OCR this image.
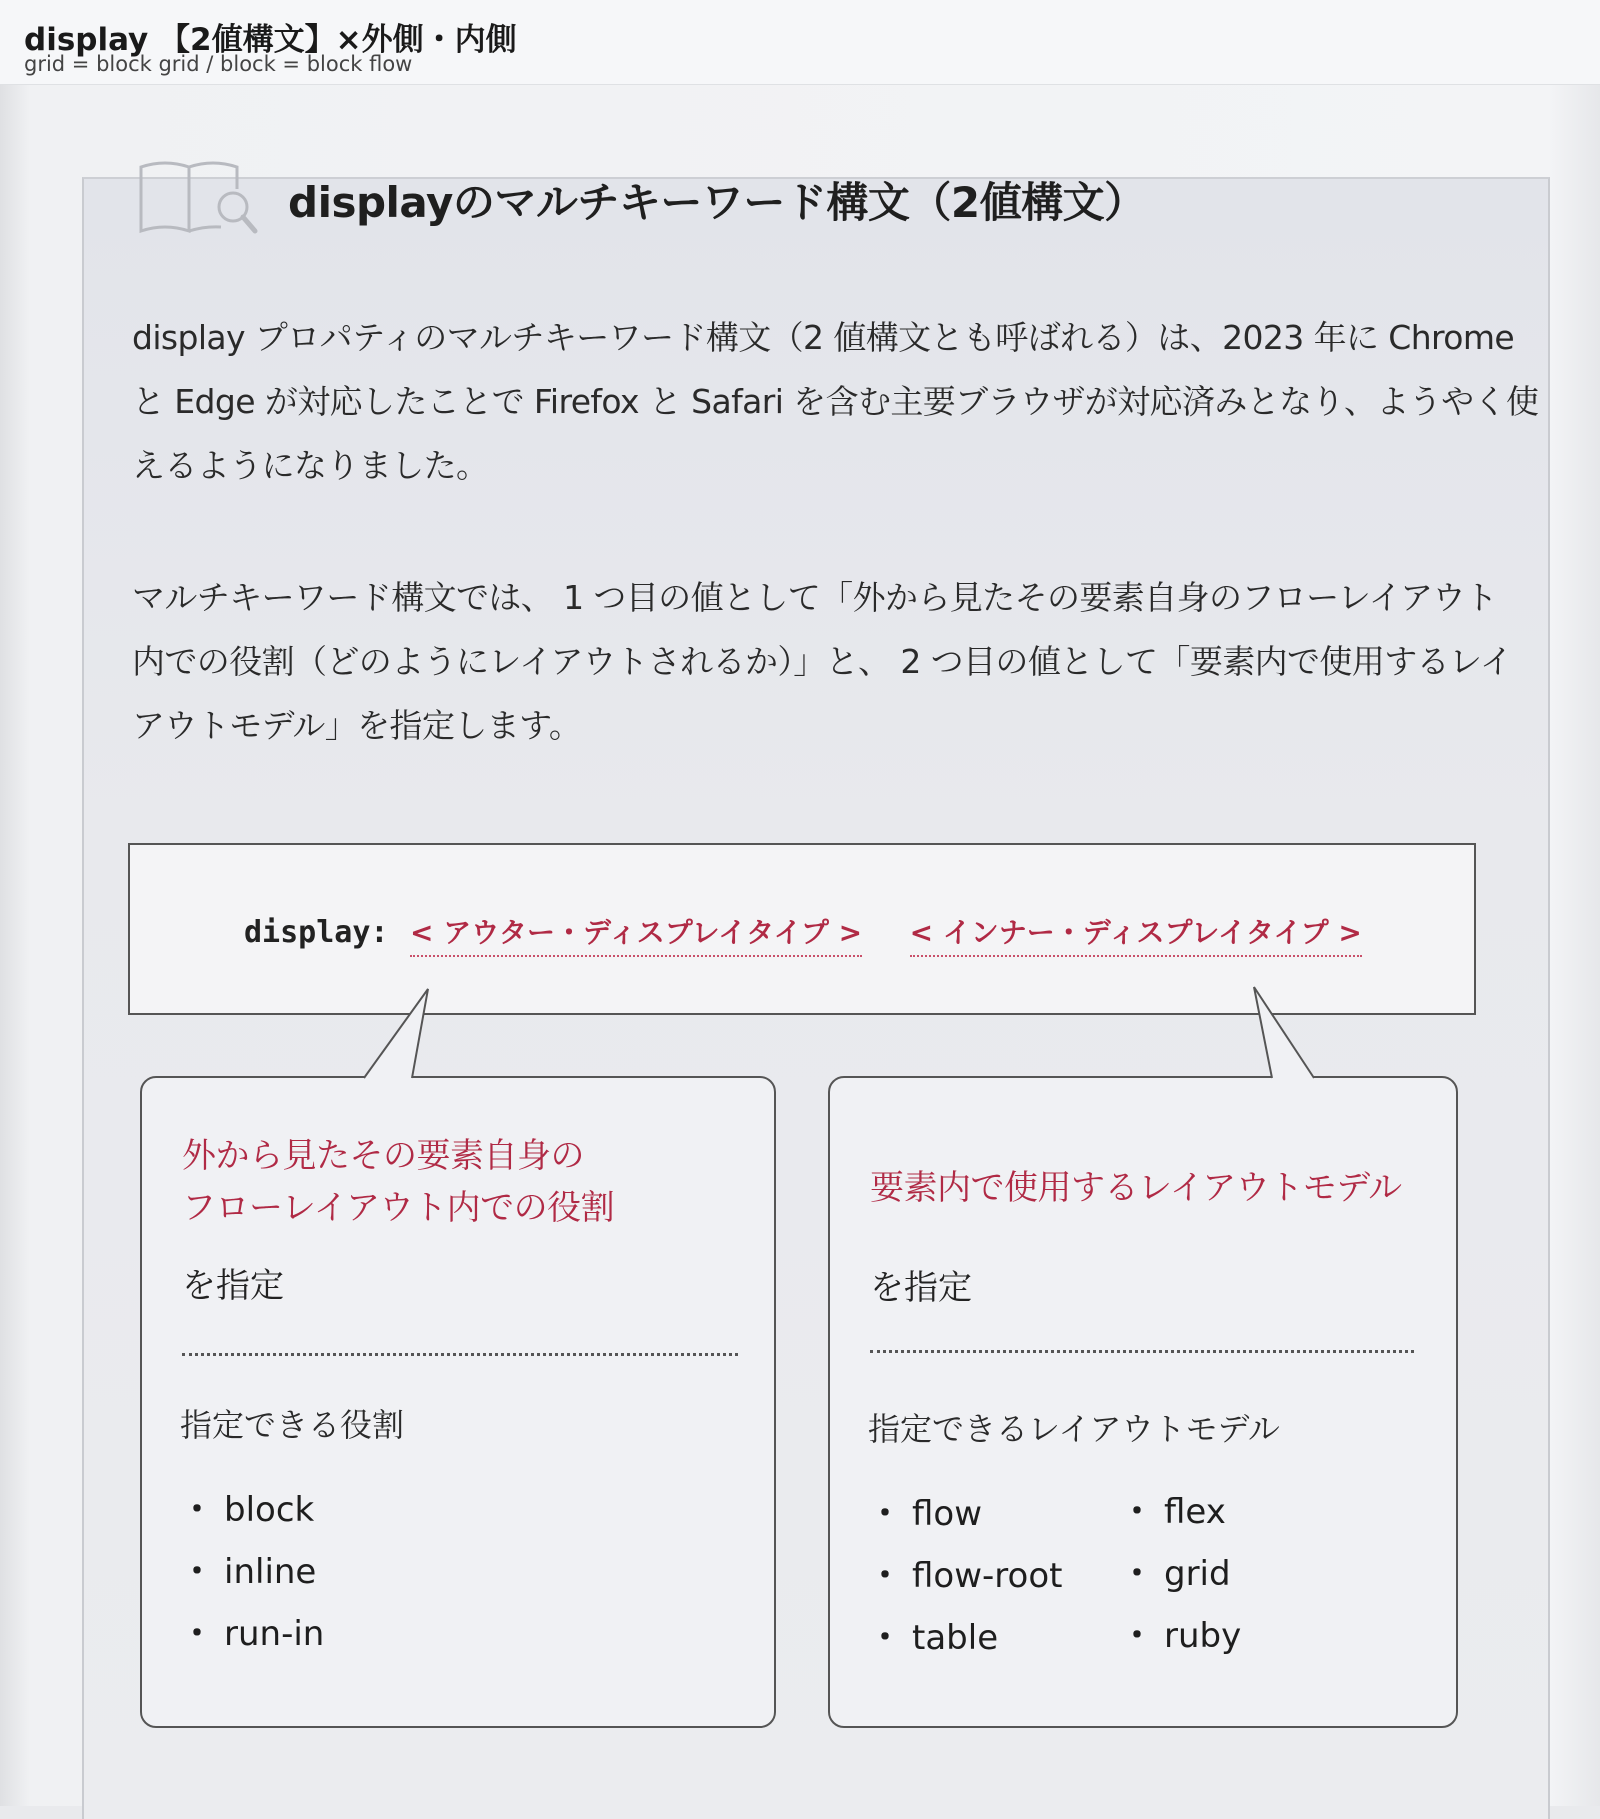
display 【2値構文】×外側・内側
grid = block grid / block = block flow
displayのマルチキーワード構文（2値構文）
display プロパティのマルチキーワード構文（2 値構文とも呼ばれる）は、2023 年に Chrome
と Edge が対応したことで Firefox と Safari を含む主要ブラウザが対応済みとなり、ようやく使
えるようになりました。
マルチキーワード構文では、 1 つ目の値として「外から見たその要素自身のフローレイアウト
内での役割（どのようにレイアウトされるか）」と、 2 つ目の値として「要素内で使用するレイ
アウトモデル」を指定します。
display: < アウター・ディスプレイタイプ > < インナー・ディスプレイタイプ >
外から見たその要素自身の
フローレイアウト内での役割
を指定
指定できる役割
・ block
・ inline
・ run-in
要素内で使用するレイアウトモデル
を指定
指定できるレイアウトモデル
・ flow
・ flow-root
・ table
・ flex
・ grid
・ ruby
